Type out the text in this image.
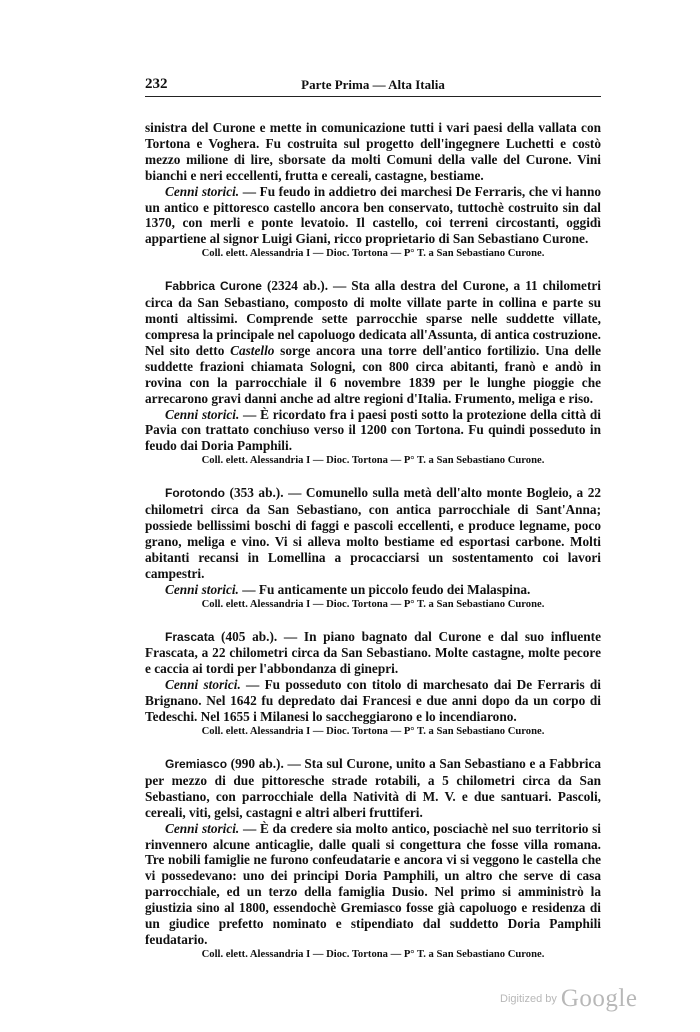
232	Parte Prima — Alta Italia

sinistra del Curone e mette in comunicazione tutti i vari paesi della vallata con Tortona e Voghera. Fu costruita sul progetto dell'ingegnere Luchetti e costò mezzo milione di lire, sborsate da molti Comuni della valle del Curone. Vini bianchi e neri eccellenti, frutta e cereali, castagne, bestiame.

Cenni storici. — Fu feudo in addietro dei marchesi De Ferraris, che vi hanno un antico e pittoresco castello ancora ben conservato, tuttochè costruito sin dal 1370, con merli e ponte levatoio. Il castello, coi terreni circostanti, oggidì appartiene al signor Luigi Giani, ricco proprietario di San Sebastiano Curone.

Coll. elett. Alessandria I — Dioc. Tortona — P° T. a San Sebastiano Curone.

Fabbrica Curone (2324 ab.). — Sta alla destra del Curone, a 11 chilometri circa da San Sebastiano, composto di molte villate parte in collina e parte su monti altissimi. Comprende sette parrocchie sparse nelle suddette villate, compresa la principale nel capoluogo dedicata all'Assunta, di antica costruzione. Nel sito detto Castello sorge ancora una torre dell'antico fortilizio. Una delle suddette frazioni chiamata Sologni, con 800 circa abitanti, franò e andò in rovina con la parrocchiale il 6 novembre 1839 per le lunghe pioggie che arrecarono gravi danni anche ad altre regioni d'Italia. Frumento, meliga e riso.

Cenni storici. — È ricordato fra i paesi posti sotto la protezione della città di Pavia con trattato conchiuso verso il 1200 con Tortona. Fu quindi posseduto in feudo dai Doria Pamphili.

Coll. elett. Alessandria I — Dioc. Tortona — P° T. a San Sebastiano Curone.

Forotondo (353 ab.). — Comunello sulla metà dell'alto monte Bogleio, a 22 chilometri circa da San Sebastiano, con antica parrocchiale di Sant'Anna; possiede bellissimi boschi di faggi e pascoli eccellenti, e produce legname, poco grano, meliga e vino. Vi si alleva molto bestiame ed esportasi carbone. Molti abitanti recansi in Lomellina a procacciarsi un sostentamento coi lavori campestri.

Cenni storici. — Fu anticamente un piccolo feudo dei Malaspina.

Coll. elett. Alessandria I — Dioc. Tortona — P° T. a San Sebastiano Curone.

Frascata (405 ab.). — In piano bagnato dal Curone e dal suo influente Frascata, a 22 chilometri circa da San Sebastiano. Molte castagne, molte pecore e caccia ai tordi per l'abbondanza di ginepri.

Cenni storici. — Fu posseduto con titolo di marchesato dai De Ferraris di Brignano. Nel 1642 fu depredato dai Francesi e due anni dopo da un corpo di Tedeschi. Nel 1655 i Milanesi lo saccheggiarono e lo incendiarono.

Coll. elett. Alessandria I — Dioc. Tortona — P° T. a San Sebastiano Curone.

Gremiasco (990 ab.). — Sta sul Curone, unito a San Sebastiano e a Fabbrica per mezzo di due pittoresche strade rotabili, a 5 chilometri circa da San Sebastiano, con parrocchiale della Natività di M. V. e due santuari. Pascoli, cereali, viti, gelsi, castagni e altri alberi fruttiferi.

Cenni storici. — È da credere sia molto antico, posciachè nel suo territorio si rinvennero alcune anticaglie, dalle quali si congettura che fosse villa romana. Tre nobili famiglie ne furono confeudatarie e ancora vi si veggono le castella che vi possedevano: uno dei principi Doria Pamphili, un altro che serve di casa parrocchiale, ed un terzo della famiglia Dusio. Nel primo si amministrò la giustizia sino al 1800, essendochè Gremiasco fosse già capoluogo e residenza di un giudice prefetto nominato e stipendiato dal suddetto Doria Pamphili feudatario.

Coll. elett. Alessandria I — Dioc. Tortona — P° T. a San Sebastiano Curone.

Digitized by Google
